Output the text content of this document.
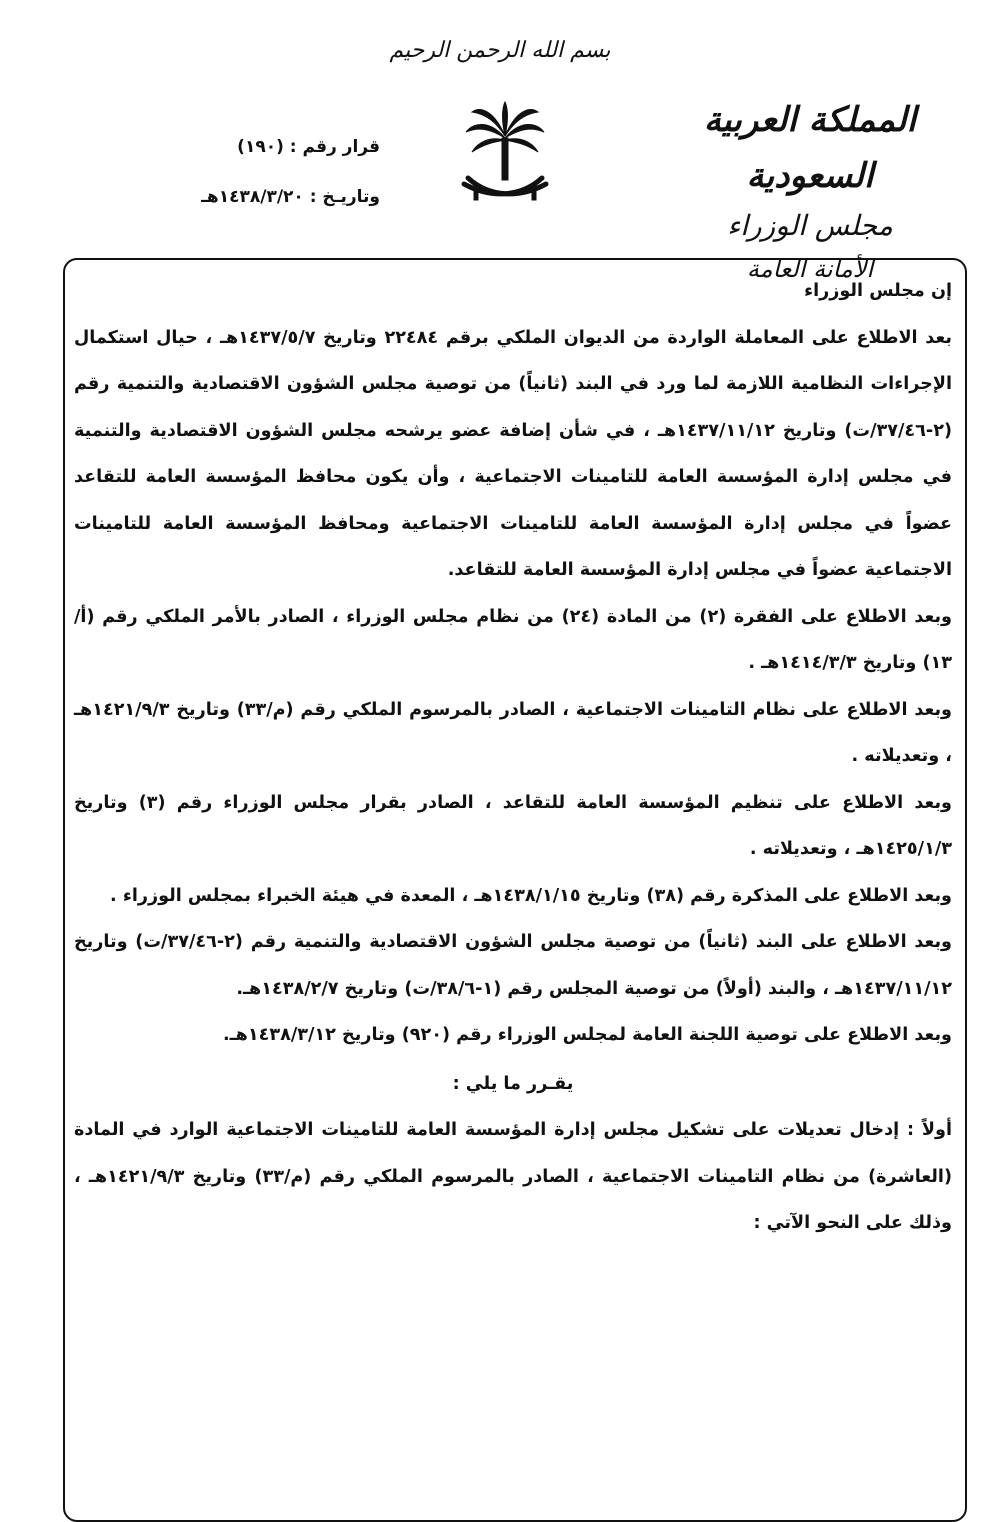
بسم الله الرحمن الرحيم
المملكة العربية السعودية
مجلس الوزراء
الأمانة العامة
قرار رقم : (١٩٠)
وتاريـخ : ١٤٣٨/٣/٢٠هـ

إن مجلس الوزراء

بعد الاطلاع على المعاملة الواردة من الديوان الملكي برقم ٢٢٤٨٤ وتاريخ ١٤٣٧/٥/٧هـ ، حيال استكمال الإجراءات النظامية اللازمة لما ورد في البند (ثانياً) من توصية مجلس الشؤون الاقتصادية والتنمية رقم (٢-٣٧/٤٦/ت) وتاريخ ١٤٣٧/١١/١٢هـ ، في شأن إضافة عضو يرشحه مجلس الشؤون الاقتصادية والتنمية في مجلس إدارة المؤسسة العامة للتامينات الاجتماعية ، وأن يكون محافظ المؤسسة العامة للتقاعد عضواً في مجلس إدارة المؤسسة العامة للتامينات الاجتماعية ومحافظ المؤسسة العامة للتامينات الاجتماعية عضواً في مجلس إدارة المؤسسة العامة للتقاعد.

وبعد الاطلاع على الفقرة (٢) من المادة (٢٤) من نظام مجلس الوزراء ، الصادر بالأمر الملكي رقم (أ/١٣) وتاريخ ١٤١٤/٣/٣هـ .

وبعد الاطلاع على نظام التامينات الاجتماعية ، الصادر بالمرسوم الملكي رقم (م/٣٣) وتاريخ ١٤٢١/٩/٣هـ ، وتعديلاته .

وبعد الاطلاع على تنظيم المؤسسة العامة للتقاعد ، الصادر بقرار مجلس الوزراء رقم (٣) وتاريخ ١٤٢٥/١/٣هـ ، وتعديلاته .

وبعد الاطلاع على المذكرة رقم (٣٨) وتاريخ ١٤٣٨/١/١٥هـ ، المعدة في هيئة الخبراء بمجلس الوزراء .

وبعد الاطلاع على البند (ثانياً) من توصية مجلس الشؤون الاقتصادية والتنمية رقم (٢-٣٧/٤٦/ت) وتاريخ ١٤٣٧/١١/١٢هـ ، والبند (أولاً) من توصية المجلس رقم (١-٣٨/٦/ت) وتاريخ ١٤٣٨/٢/٧هـ.

وبعد الاطلاع على توصية اللجنة العامة لمجلس الوزراء رقم (٩٢٠) وتاريخ ١٤٣٨/٣/١٢هـ.

يقـرر ما يلي :

أولاً : إدخال تعديلات على تشكيل مجلس إدارة المؤسسة العامة للتامينات الاجتماعية الوارد في المادة (العاشرة) من نظام التامينات الاجتماعية ، الصادر بالمرسوم الملكي رقم (م/٣٣) وتاريخ ١٤٢١/٩/٣هـ ، وذلك على النحو الآتي :
